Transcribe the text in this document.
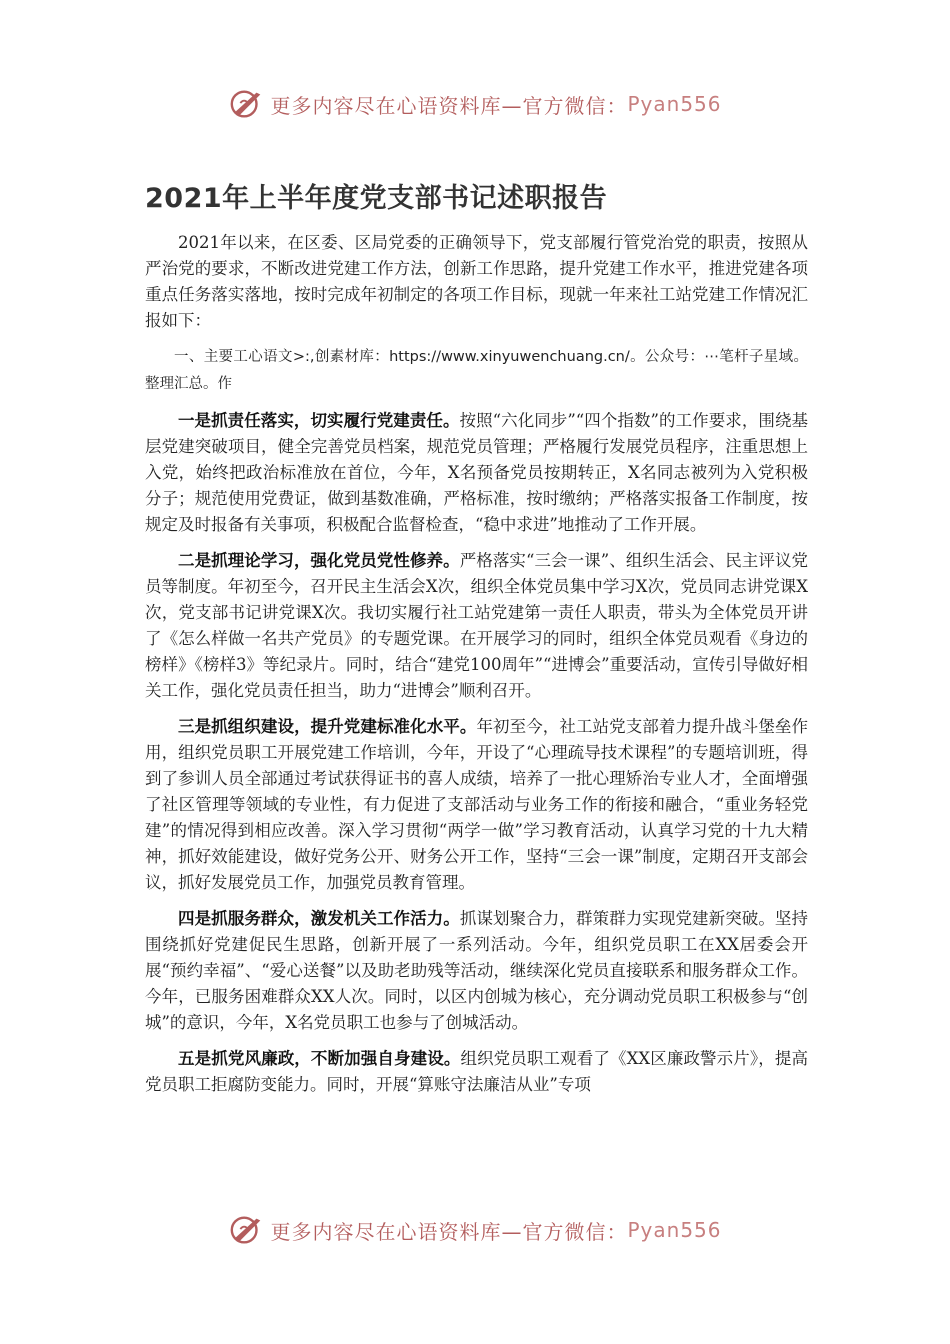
更多内容尽在心语资料库—官方微信： Pyan556
2021年上半年度党支部书记述职报告

2021年以来，在区委、区局党委的正确领导下，党支部履行管党治党的职责，按照从严治党的要求，不断改进党建工作方法，创新工作思路，提升党建工作水平，推进党建各项重点任务落实落地，按时完成年初制定的各项工作目标，现就一年来社工站党建工作情况汇报如下：

一、主要工心语文>:,创素材库：https://www.xinyuwenchuang.cn/。公众号：⋯笔杆子星域。整理汇总。作

一是抓责任落实，切实履行党建责任。按照“六化同步”“四个指数”的工作要求，围绕基层党建突破项目，健全完善党员档案，规范党员管理；严格履行发展党员程序，注重思想上入党，始终把政治标准放在首位，今年，X名预备党员按期转正，X名同志被列为入党积极分子；规范使用党费证，做到基数准确，严格标准，按时缴纳；严格落实报备工作制度，按规定及时报备有关事项，积极配合监督检查，“稳中求进”地推动了工作开展。

二是抓理论学习，强化党员党性修养。严格落实“三会一课”、组织生活会、民主评议党员等制度。年初至今，召开民主生活会X次，组织全体党员集中学习X次，党员同志讲党课X次，党支部书记讲党课X次。我切实履行社工站党建第一责任人职责，带头为全体党员开讲了《怎么样做一名共产党员》的专题党课。在开展学习的同时，组织全体党员观看《身边的榜样》《榜样3》等纪录片。同时，结合“建党100周年”“进博会”重要活动，宣传引导做好相关工作，强化党员责任担当，助力“进博会”顺利召开。

三是抓组织建设，提升党建标准化水平。年初至今，社工站党支部着力提升战斗堡垒作用，组织党员职工开展党建工作培训，今年，开设了“心理疏导技术课程”的专题培训班，得到了参训人员全部通过考试获得证书的喜人成绩，培养了一批心理矫治专业人才，全面增强了社区管理等领域的专业性，有力促进了支部活动与业务工作的衔接和融合，“重业务轻党建”的情况得到相应改善。深入学习贯彻“两学一做”学习教育活动，认真学习党的十九大精神，抓好效能建设，做好党务公开、财务公开工作，坚持“三会一课”制度，定期召开支部会议，抓好发展党员工作，加强党员教育管理。

四是抓服务群众，激发机关工作活力。抓谋划聚合力，群策群力实现党建新突破。坚持围绕抓好党建促民生思路，创新开展了一系列活动。今年，组织党员职工在XX居委会开展“预约幸福”、“爱心送餐”以及助老助残等活动，继续深化党员直接联系和服务群众工作。今年，已服务困难群众XX人次。同时，以区内创城为核心，充分调动党员职工积极参与“创城”的意识，今年，X名党员职工也参与了创城活动。

五是抓党风廉政，不断加强自身建设。组织党员职工观看了《XX区廉政警示片》，提高党员职工拒腐防变能力。同时，开展“算账守法廉洁从业”专项

更多内容尽在心语资料库—官方微信： Pyan556
